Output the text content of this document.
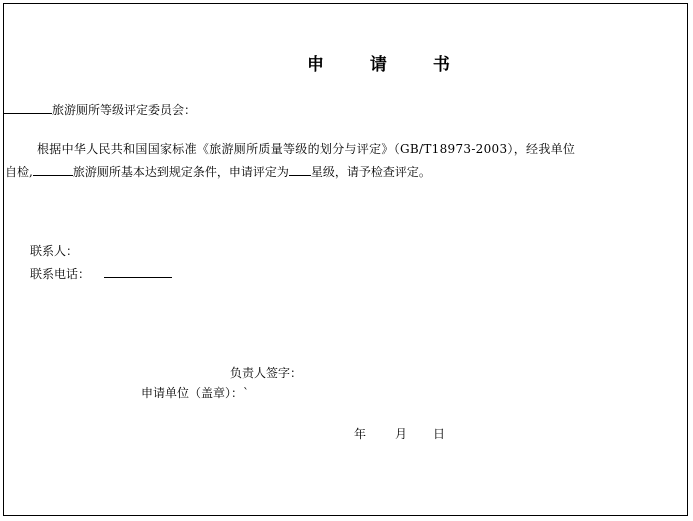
申 请 书
旅游厕所等级评定委员会：
根据中华人民共和国国家标准《旅游厕所质量等级的划分与评定》（GB/T18973-2003），经我单位
自检,	旅游厕所基本达到规定条件，申请评定为 星级，请予检查评定。
联系人：
联系电话：
负责人签字：
申请单位（盖章）：`
年 月 日
